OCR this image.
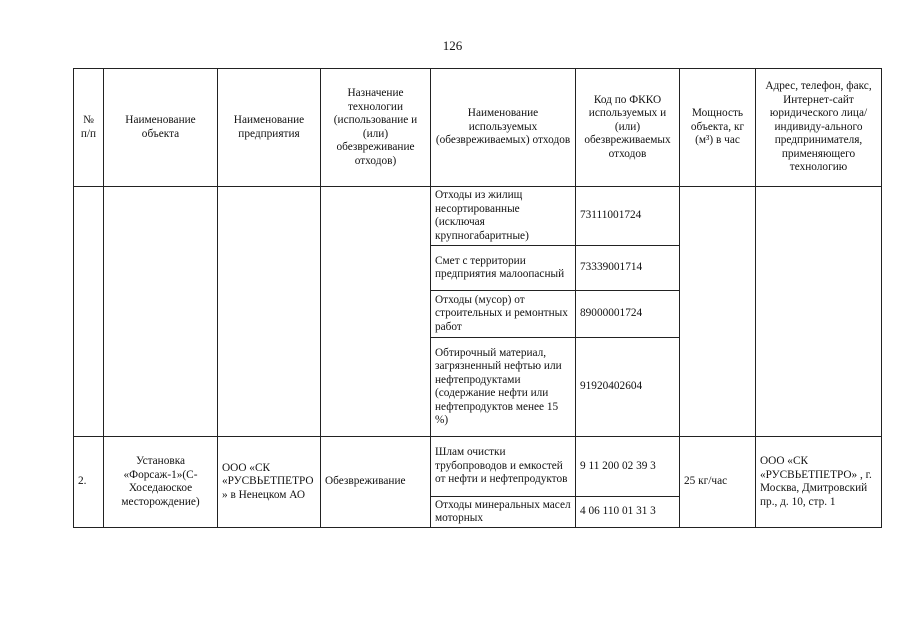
126
№ п/п	Наименование объекта	Наименование предприятия	Назначение технологии (использование и (или) обезвреживание отходов)	Наименование используемых (обезвреживаемых) отходов	Код по ФККО используемых и (или) обезвреживаемых отходов	Мощность объекта, кг (м³) в час	Адрес, телефон, факс, Интернет-сайт юридического лица/индивиду-ального предпринимателя, применяющего технологию
				Отходы из жилищ несортированные (исключая крупногабаритные)	73111001724		
				Смет с территории предприятия малоопасный	73339001714		
				Отходы (мусор) от строительных и ремонтных работ	89000001724		
				Обтирочный материал, загрязненный нефтью или нефтепродуктами (содержание нефти или нефтепродуктов менее 15 %)	91920402604		
2.	Установка «Форсаж-1»(С-Хоседаюское месторождение)	ООО «СК «РУСВЬЕТПЕТРО» в Ненецком АО	Обезвреживание	Шлам очистки трубопроводов и емкостей от нефти и нефтепродуктов	9 11 200 02 39 3	25 кг/час	ООО «СК «РУСВЬЕТПЕТРО» , г. Москва, Дмитровский пр., д. 10, стр. 1
				Отходы минеральных масел моторных	4 06 110 01 31 3		
